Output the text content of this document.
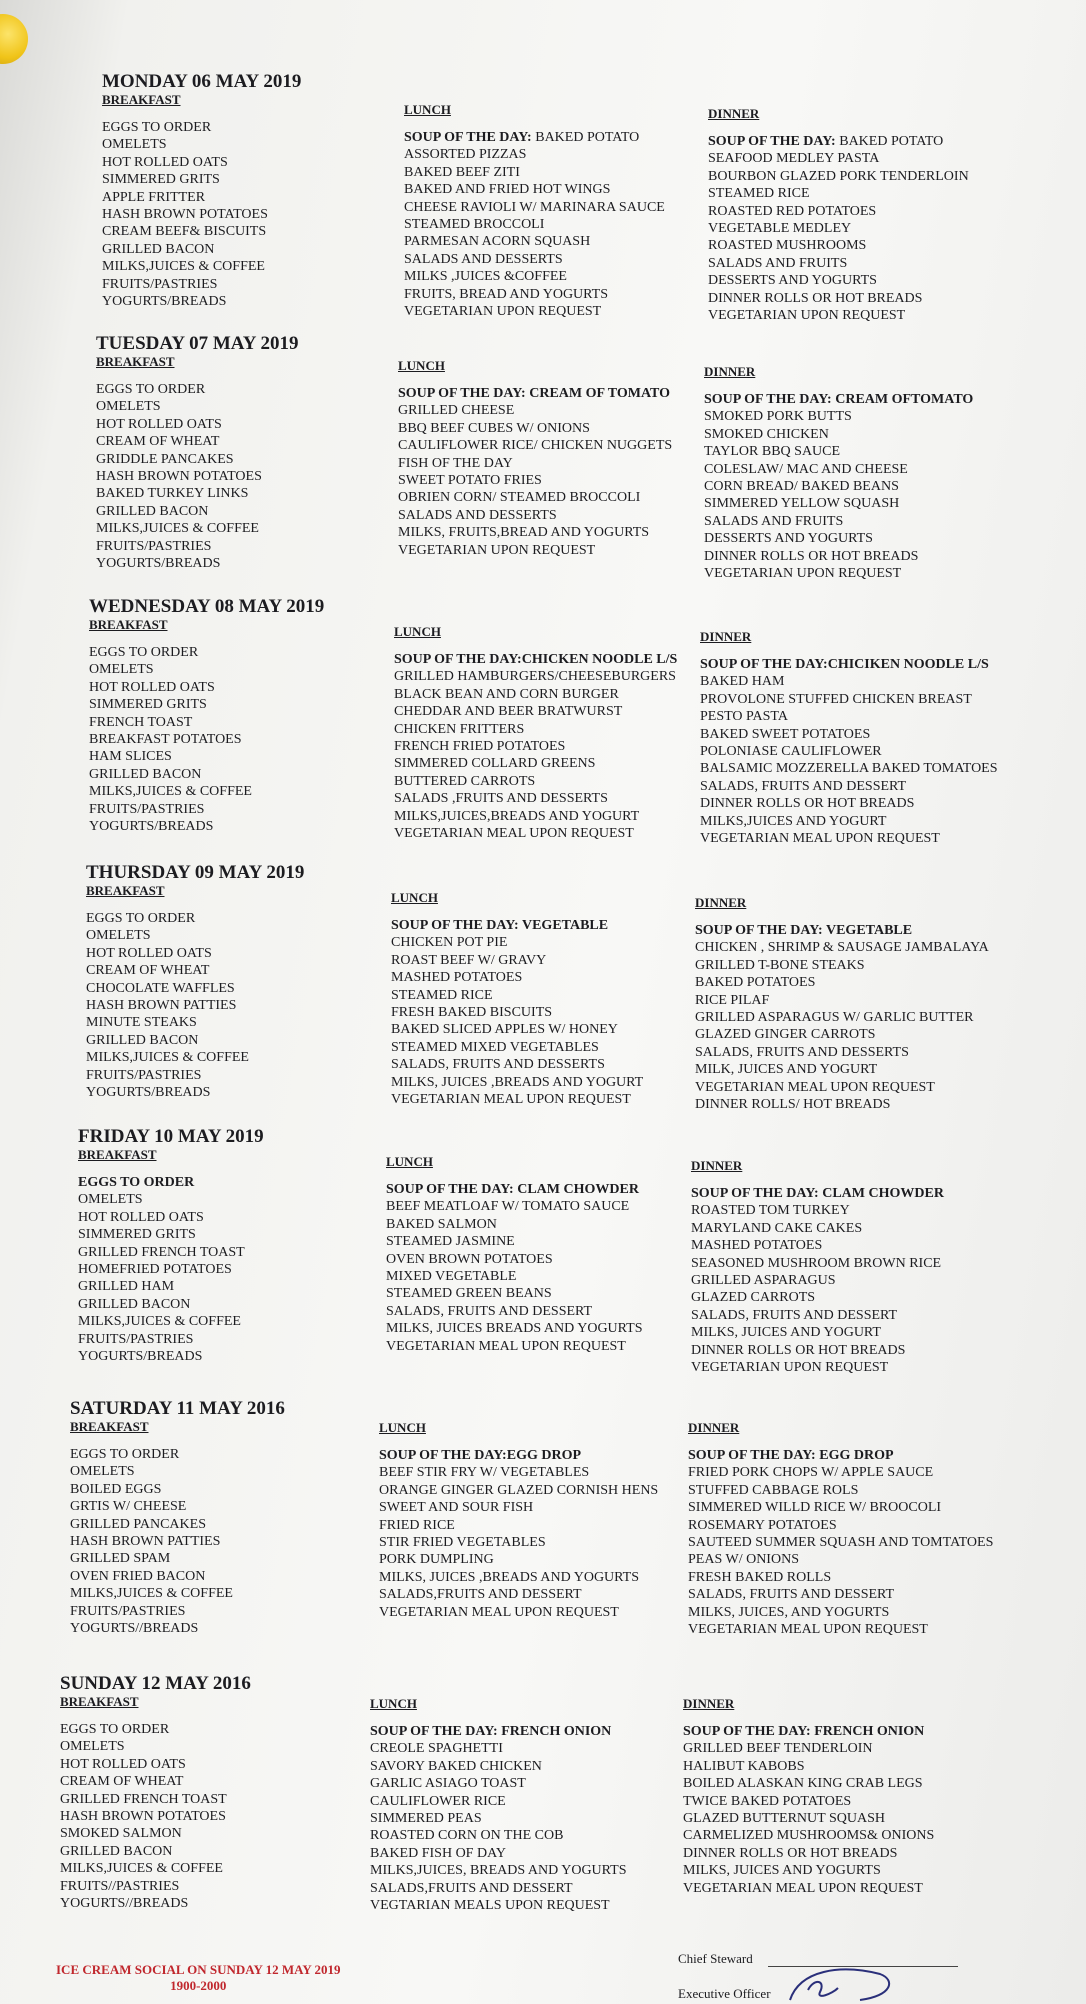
MONDAY 06 MAY 2019
BREAKFAST
EGGS TO ORDER
OMELETS
HOT ROLLED OATS
SIMMERED GRITS
APPLE FRITTER
HASH BROWN POTATOES
CREAM BEEF& BISCUITS
GRILLED BACON
MILKS,JUICES & COFFEE
FRUITS/PASTRIES
YOGURTS/BREADS
LUNCH
SOUP OF THE DAY: BAKED POTATO
ASSORTED PIZZAS
BAKED BEEF ZITI
BAKED AND FRIED HOT WINGS
CHEESE RAVIOLI W/ MARINARA SAUCE
STEAMED BROCCOLI
PARMESAN ACORN SQUASH
SALADS AND DESSERTS
MILKS ,JUICES &COFFEE
FRUITS, BREAD AND YOGURTS
VEGETARIAN UPON REQUEST
DINNER
SOUP OF THE DAY: BAKED POTATO
SEAFOOD MEDLEY PASTA
BOURBON GLAZED PORK TENDERLOIN
STEAMED RICE
ROASTED RED POTATOES
VEGETABLE MEDLEY
ROASTED MUSHROOMS
SALADS AND FRUITS
DESSERTS AND YOGURTS
DINNER ROLLS OR HOT BREADS
VEGETARIAN UPON REQUEST
TUESDAY 07 MAY 2019
BREAKFAST
EGGS TO ORDER
OMELETS
HOT ROLLED OATS
CREAM OF WHEAT
GRIDDLE PANCAKES
HASH BROWN POTATOES
BAKED TURKEY LINKS
GRILLED BACON
MILKS,JUICES & COFFEE
FRUITS/PASTRIES
YOGURTS/BREADS
LUNCH
SOUP OF THE DAY: CREAM OF TOMATO
GRILLED CHEESE
BBQ BEEF CUBES W/ ONIONS
CAULIFLOWER RICE/ CHICKEN NUGGETS
FISH OF THE DAY
SWEET POTATO FRIES
OBRIEN CORN/ STEAMED BROCCOLI
SALADS AND DESSERTS
MILKS, FRUITS,BREAD AND YOGURTS
VEGETARIAN UPON REQUEST
DINNER
SOUP OF THE DAY: CREAM OFTOMATO
SMOKED PORK BUTTS
SMOKED CHICKEN
TAYLOR BBQ SAUCE
COLESLAW/ MAC AND CHEESE
CORN BREAD/ BAKED BEANS
SIMMERED YELLOW SQUASH
SALADS AND FRUITS
DESSERTS AND YOGURTS
DINNER ROLLS OR HOT BREADS
VEGETARIAN UPON REQUEST
WEDNESDAY 08 MAY 2019
BREAKFAST
EGGS TO ORDER
OMELETS
HOT ROLLED OATS
SIMMERED GRITS
FRENCH TOAST
BREAKFAST POTATOES
HAM SLICES
GRILLED BACON
MILKS,JUICES & COFFEE
FRUITS/PASTRIES
YOGURTS/BREADS
LUNCH
SOUP OF THE DAY:CHICKEN NOODLE L/S
GRILLED HAMBURGERS/CHEESEBURGERS
BLACK BEAN AND CORN BURGER
CHEDDAR AND BEER BRATWURST
CHICKEN FRITTERS
FRENCH FRIED POTATOES
SIMMERED COLLARD GREENS
BUTTERED CARROTS
SALADS ,FRUITS AND DESSERTS
MILKS,JUICES,BREADS AND YOGURT
VEGETARIAN MEAL UPON REQUEST
DINNER
SOUP OF THE DAY:CHICIKEN NOODLE L/S
BAKED HAM
PROVOLONE STUFFED CHICKEN BREAST
PESTO PASTA
BAKED SWEET POTATOES
POLONIASE CAULIFLOWER
BALSAMIC MOZZERELLA BAKED TOMATOES
SALADS, FRUITS AND DESSERT
DINNER ROLLS OR HOT BREADS
MILKS,JUICES AND YOGURT
VEGETARIAN MEAL UPON REQUEST
THURSDAY 09 MAY 2019
BREAKFAST
EGGS TO ORDER
OMELETS
HOT ROLLED OATS
CREAM OF WHEAT
CHOCOLATE WAFFLES
HASH BROWN PATTIES
MINUTE STEAKS
GRILLED BACON
MILKS,JUICES & COFFEE
FRUITS/PASTRIES
YOGURTS/BREADS
LUNCH
SOUP OF THE DAY: VEGETABLE
CHICKEN POT PIE
ROAST BEEF W/ GRAVY
MASHED POTATOES
STEAMED RICE
FRESH BAKED BISCUITS
BAKED SLICED APPLES W/ HONEY
STEAMED MIXED VEGETABLES
SALADS, FRUITS AND DESSERTS
MILKS, JUICES ,BREADS AND YOGURT
VEGETARIAN MEAL UPON REQUEST
DINNER
SOUP OF THE DAY: VEGETABLE
CHICKEN , SHRIMP & SAUSAGE JAMBALAYA
GRILLED T-BONE STEAKS
BAKED POTATOES
RICE PILAF
GRILLED ASPARAGUS W/ GARLIC BUTTER
GLAZED GINGER CARROTS
SALADS, FRUITS AND DESSERTS
MILK, JUICES AND YOGURT
VEGETARIAN MEAL UPON REQUEST
DINNER ROLLS/ HOT BREADS
FRIDAY 10 MAY 2019
BREAKFAST
EGGS TO ORDER
OMELETS
HOT ROLLED OATS
SIMMERED GRITS
GRILLED FRENCH TOAST
HOMEFRIED POTATOES
GRILLED HAM
GRILLED BACON
MILKS,JUICES & COFFEE
FRUITS/PASTRIES
YOGURTS/BREADS
LUNCH
SOUP OF THE DAY: CLAM CHOWDER
BEEF MEATLOAF W/ TOMATO SAUCE
BAKED SALMON
STEAMED JASMINE
OVEN BROWN POTATOES
MIXED VEGETABLE
STEAMED GREEN BEANS
SALADS, FRUITS AND DESSERT
MILKS, JUICES BREADS AND YOGURTS
VEGETARIAN MEAL UPON REQUEST
DINNER
SOUP OF THE DAY: CLAM CHOWDER
ROASTED TOM TURKEY
MARYLAND CAKE CAKES
MASHED POTATOES
SEASONED MUSHROOM BROWN RICE
GRILLED ASPARAGUS
GLAZED CARROTS
SALADS, FRUITS AND DESSERT
MILKS, JUICES AND YOGURT
DINNER ROLLS OR HOT BREADS
VEGETARIAN UPON REQUEST
SATURDAY 11 MAY 2016
BREAKFAST
EGGS TO ORDER
OMELETS
BOILED EGGS
GRTIS W/ CHEESE
GRILLED PANCAKES
HASH BROWN PATTIES
GRILLED SPAM
OVEN FRIED BACON
MILKS,JUICES & COFFEE
FRUITS/PASTRIES
YOGURTS//BREADS
LUNCH
SOUP OF THE DAY:EGG DROP
BEEF STIR FRY W/ VEGETABLES
ORANGE GINGER GLAZED CORNISH HENS
SWEET AND SOUR FISH
FRIED RICE
STIR FRIED VEGETABLES
PORK DUMPLING
MILKS, JUICES ,BREADS AND YOGURTS
SALADS,FRUITS AND DESSERT
VEGETARIAN MEAL UPON REQUEST
DINNER
SOUP OF THE DAY: EGG DROP
FRIED PORK CHOPS W/ APPLE SAUCE
STUFFED CABBAGE ROLS
SIMMERED WILLD RICE W/ BROOCOLI
ROSEMARY POTATOES
SAUTEED SUMMER SQUASH AND TOMTATOES
PEAS W/ ONIONS
FRESH BAKED ROLLS
SALADS, FRUITS AND DESSERT
MILKS, JUICES, AND YOGURTS
VEGETARIAN MEAL UPON REQUEST
SUNDAY 12 MAY 2016
BREAKFAST
EGGS TO ORDER
OMELETS
HOT ROLLED OATS
CREAM OF WHEAT
GRILLED FRENCH TOAST
HASH BROWN POTATOES
SMOKED SALMON
GRILLED BACON
MILKS,JUICES & COFFEE
FRUITS//PASTRIES
YOGURTS//BREADS
LUNCH
SOUP OF THE DAY: FRENCH ONION
CREOLE SPAGHETTI
SAVORY BAKED CHICKEN
GARLIC ASIAGO TOAST
CAULIFLOWER RICE
SIMMERED PEAS
ROASTED CORN ON THE COB
BAKED FISH OF DAY
MILKS,JUICES, BREADS AND YOGURTS
SALADS,FRUITS AND DESSERT
VEGTARIAN MEALS UPON REQUEST
DINNER
SOUP OF THE DAY: FRENCH ONION
GRILLED BEEF TENDERLOIN
HALIBUT KABOBS
BOILED ALASKAN KING CRAB LEGS
TWICE BAKED POTATOES
GLAZED BUTTERNUT SQUASH
CARMELIZED MUSHROOMS& ONIONS
DINNER ROLLS OR HOT BREADS
MILKS, JUICES AND YOGURTS
VEGETARIAN MEAL UPON REQUEST
ICE CREAM SOCIAL ON SUNDAY 12 MAY 2019
1900-2000
Chief Steward
Executive Officer
